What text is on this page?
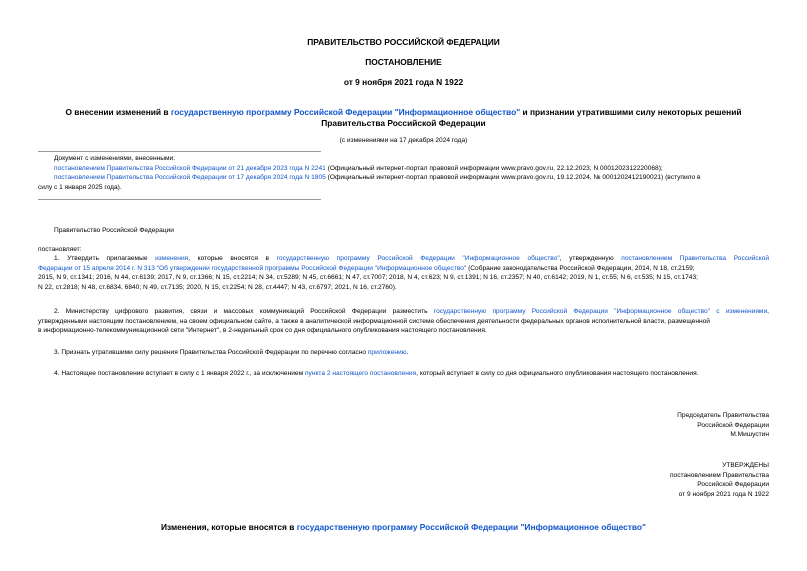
ПРАВИТЕЛЬСТВО РОССИЙСКОЙ ФЕДЕРАЦИИ
ПОСТАНОВЛЕНИЕ
от 9 ноября 2021 года N 1922
О внесении изменений в государственную программу Российской Федерации "Информационное общество" и признании утратившими силу некоторых решений
Правительства Российской Федерации
(с изменениями на 17 декабря 2024 года)
Документ с изменениями, внесенными:
постановлением Правительства Российской Федерации от 21 декабря 2023 года N 2241 (Официальный интернет-портал правовой информации www.pravo.gov.ru, 22.12.2023, N 0001202312220068);
постановлением Правительства Российской Федерации от 17 декабря 2024 года N 1805 (Официальный интернет-портал правовой информации www.pravo.gov.ru, 19.12.2024, № 0001202412190021) (вступило в
силу с 1 января 2025 года).
Правительство Российской Федерации
постановляет:
1. Утвердить прилагаемые изменения, которые вносятся в государственную программу Российской Федерации "Информационное общество", утвержденную постановлением Правительства Российской
Федерации от 15 апреля 2014 г. N 313 "Об утверждении государственной программы Российской Федерации "Информационное общество" (Собрание законодательства Российской Федерации, 2014, N 18, ст.2159;
2015, N 9, ст.1341; 2016, N 44, ст.6139; 2017, N 9, ст.1366; N 15, ст.2214; N 34, ст.5289; N 45, ст.6661; N 47, ст.7007; 2018, N 4, ст.623; N 9, ст.1391; N 16, ст.2357; N 40, ст.6142; 2019, N 1, ст.55; N 6, ст.535; N 15, ст.1743;
N 22, ст.2818; N 48, ст.6834, 6840; N 49, ст.7135; 2020, N 15, ст.2254; N 28, ст.4447; N 43, ст.6797; 2021, N 16, ст.2760).
2. Министерству цифрового развития, связи и массовых коммуникаций Российской Федерации разместить государственную программу Российской Федерации "Информационное общество" с изменениями,
утвержденными настоящим постановлением, на своем официальном сайте, а также в аналитической информационной системе обеспечения деятельности федеральных органов исполнительной власти, размещенной
в информационно-телекоммуникационной сети "Интернет", в 2-недельный срок со дня официального опубликования настоящего постановления.
3. Признать утратившими силу решения Правительства Российской Федерации по перечню согласно приложению.
4. Настоящее постановление вступает в силу с 1 января 2022 г., за исключением пункта 2 настоящего постановления, который вступает в силу со дня официального опубликования настоящего постановления.
Председатель Правительства
Российской Федерации
М.Мишустин
УТВЕРЖДЕНЫ
постановлением Правительства
Российской Федерации
от 9 ноября 2021 года N 1922
Изменения, которые вносятся в государственную программу Российской Федерации "Информационное общество"
